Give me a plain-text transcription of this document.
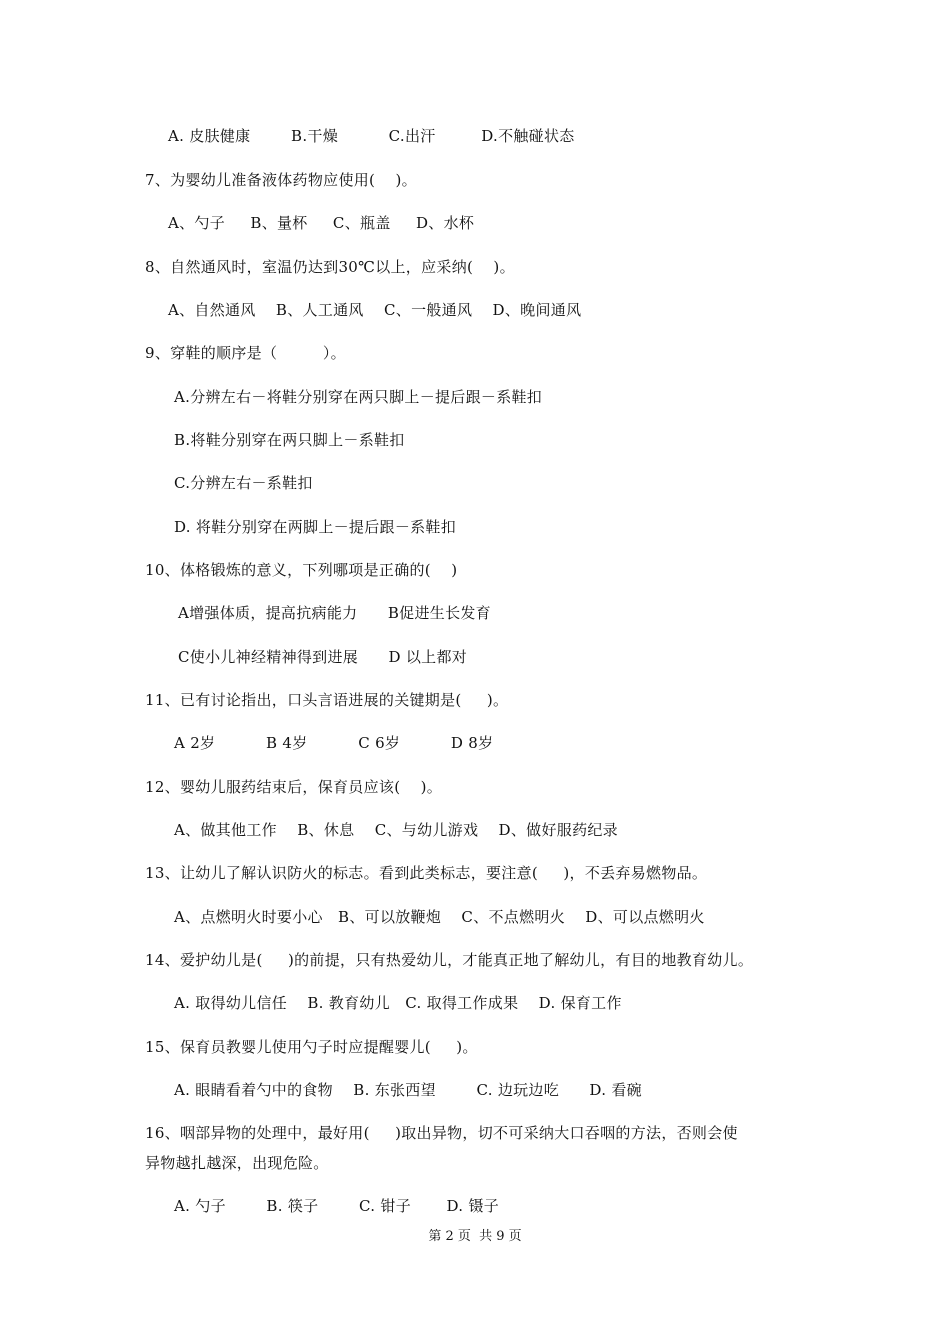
A. 皮肤健康        B.干燥          C.出汗         D.不触碰状态
7、为婴幼儿准备液体药物应使用(    )。
A、勺子     B、量杯     C、瓶盖     D、水杯
8、自然通风时，室温仍达到30℃以上，应采纳(    )。
A、自然通风    B、人工通风    C、一般通风    D、晚间通风
9、穿鞋的顺序是（         ）。
A.分辨左右－将鞋分别穿在两只脚上－提后跟－系鞋扣
B.将鞋分别穿在两只脚上－系鞋扣
C.分辨左右－系鞋扣
D. 将鞋分别穿在两脚上－提后跟－系鞋扣
10、体格锻炼的意义，下列哪项是正确的(    )
A增强体质，提高抗病能力      B促进生长发育
C使小儿神经精神得到进展      D 以上都对
11、已有讨论指出，口头言语进展的关键期是(     )。
A 2岁          B 4岁          C 6岁          D 8岁
12、婴幼儿服药结束后，保育员应该(    )。
A、做其他工作    B、休息    C、与幼儿游戏    D、做好服药纪录
13、让幼儿了解认识防火的标志。看到此类标志，要注意(     )，不丢弃易燃物品。
A、点燃明火时要小心   B、可以放鞭炮    C、不点燃明火    D、可以点燃明火
14、爱护幼儿是(     )的前提，只有热爱幼儿，才能真正地了解幼儿，有目的地教育幼儿。
A. 取得幼儿信任    B. 教育幼儿   C. 取得工作成果    D. 保育工作
15、保育员教婴儿使用勺子时应提醒婴儿(     )。
A. 眼睛看着勺中的食物    B. 东张西望        C. 边玩边吃      D. 看碗
16、咽部异物的处理中，最好用(     )取出异物，切不可采纳大口吞咽的方法，否则会使
异物越扎越深，出现危险。
A. 勺子        B. 筷子        C. 钳子       D. 镊子
第 2 页  共 9 页
